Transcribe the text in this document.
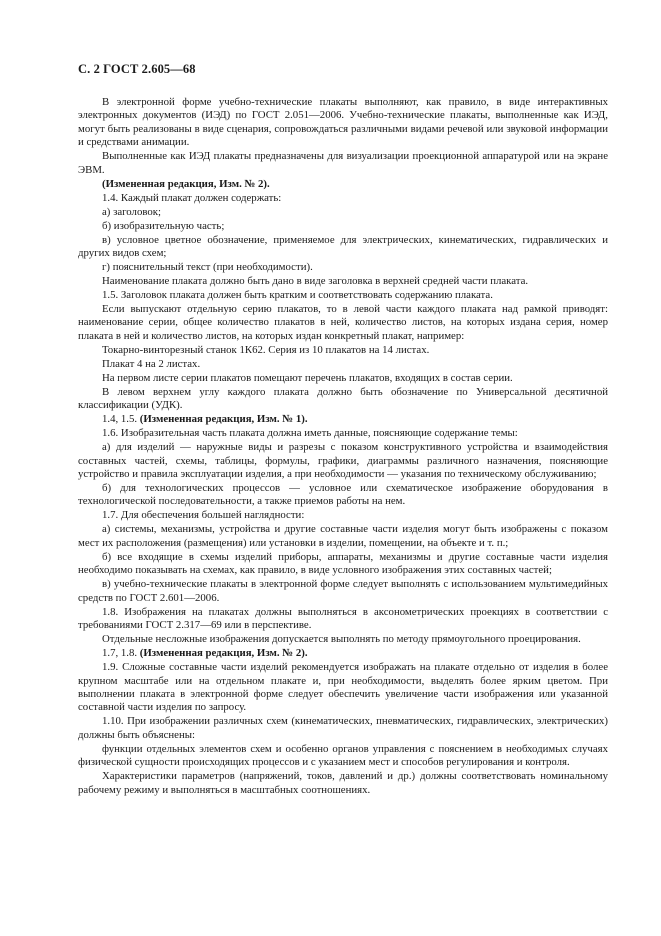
С. 2 ГОСТ 2.605—68

В электронной форме учебно-технические плакаты выполняют, как правило, в виде интерактивных электронных документов (ИЭД) по ГОСТ 2.051—2006. Учебно-технические плакаты, выполненные как ИЭД, могут быть реализованы в виде сценария, сопровождаться различными видами речевой или звуковой информации и средствами анимации.

Выполненные как ИЭД плакаты предназначены для визуализации проекционной аппаратурой или на экране ЭВМ.

(Измененная редакция, Изм. № 2).

1.4. Каждый плакат должен содержать:

а) заголовок;

б) изобразительную часть;

в) условное цветное обозначение, применяемое для электрических, кинематических, гидравлических и других видов схем;

г) пояснительный текст (при необходимости).

Наименование плаката должно быть дано в виде заголовка в верхней средней части плаката.

1.5. Заголовок плаката должен быть кратким и соответствовать содержанию плаката.

Если выпускают отдельную серию плакатов, то в левой части каждого плаката над рамкой приводят: наименование серии, общее количество плакатов в ней, количество листов, на которых издана серия, номер плаката в ней и количество листов, на которых издан конкретный плакат, например:

Токарно-винторезный станок 1К62. Серия из 10 плакатов на 14 листах.

Плакат 4 на 2 листах.

На первом листе серии плакатов помещают перечень плакатов, входящих в состав серии.

В левом верхнем углу каждого плаката должно быть обозначение по Универсальной десятичной классификации (УДК).

1.4, 1.5. (Измененная редакция, Изм. № 1).

1.6. Изобразительная часть плаката должна иметь данные, поясняющие содержание темы:

а) для изделий — наружные виды и разрезы с показом конструктивного устройства и взаимодействия составных частей, схемы, таблицы, формулы, графики, диаграммы различного назначения, поясняющие устройство и правила эксплуатации изделия, а при необходимости — указания по техническому обслуживанию;

б) для технологических процессов — условное или схематическое изображение оборудования в технологической последовательности, а также приемов работы на нем.

1.7. Для обеспечения большей наглядности:

а) системы, механизмы, устройства и другие составные части изделия могут быть изображены с показом мест их расположения (размещения) или установки в изделии, помещении, на объекте и т. п.;

б) все входящие в схемы изделий приборы, аппараты, механизмы и другие составные части изделия необходимо показывать на схемах, как правило, в виде условного изображения этих составных частей;

в) учебно-технические плакаты в электронной форме следует выполнять с использованием мультимедийных средств по ГОСТ 2.601—2006.

1.8. Изображения на плакатах должны выполняться в аксонометрических проекциях в соответствии с требованиями ГОСТ 2.317—69 или в перспективе.

Отдельные несложные изображения допускается выполнять по методу прямоугольного проецирования.

1.7, 1.8. (Измененная редакция, Изм. № 2).

1.9. Сложные составные части изделий рекомендуется изображать на плакате отдельно от изделия в более крупном масштабе или на отдельном плакате и, при необходимости, выделять более ярким цветом. При выполнении плаката в электронной форме следует обеспечить увеличение части изображения или указанной составной части изделия по запросу.

1.10. При изображении различных схем (кинематических, пневматических, гидравлических, электрических) должны быть объяснены:

функции отдельных элементов схем и особенно органов управления с пояснением в необходимых случаях физической сущности происходящих процессов и с указанием мест и способов регулирования и контроля.

Характеристики параметров (напряжений, токов, давлений и др.) должны соответствовать номинальному рабочему режиму и выполняться в масштабных соотношениях.
